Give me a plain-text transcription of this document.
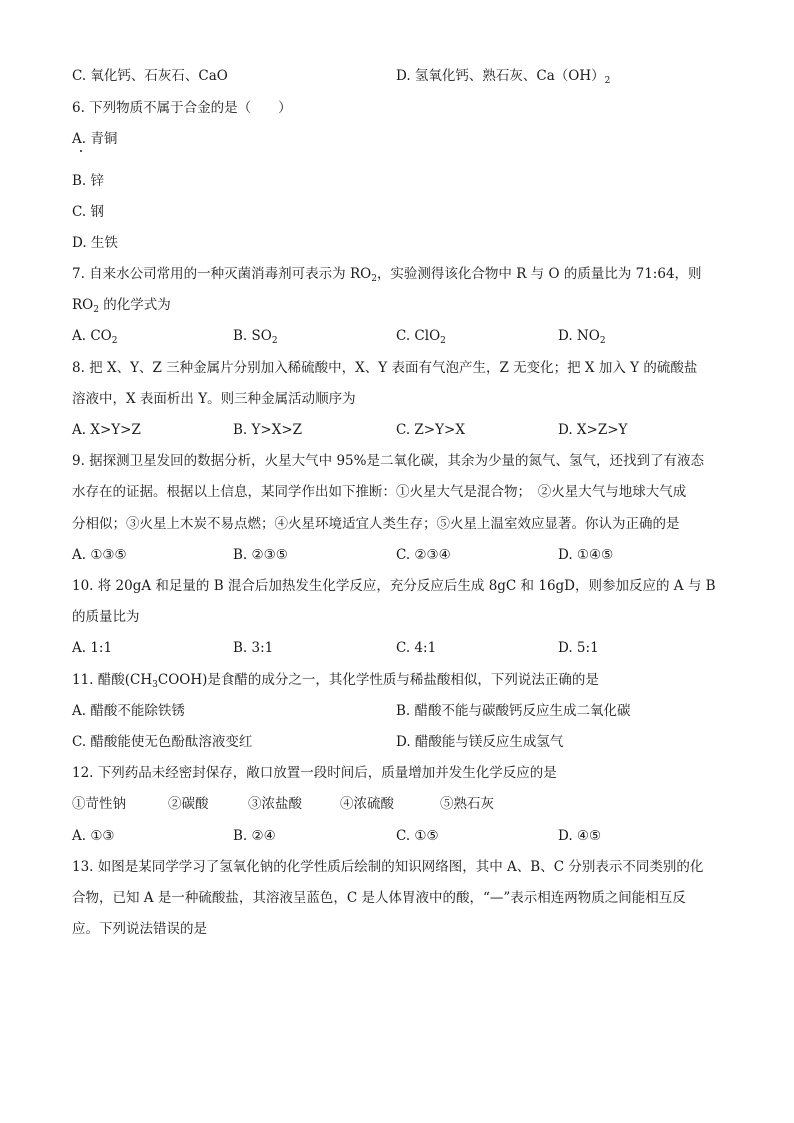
C. 氧化钙、石灰石、CaO	D. 氢氧化钙、熟石灰、$Ca(OH)_2$
6. 下列物质不属于合金的是（　　）
A. 青铜
B. 锌
C. 钢
D. 生铁
7. 自来水公司常用的一种灭菌消毒剂可表示为 $RO_2$，实验测得该化合物中 R 与 O 的质量比为 71:64，则
$RO_2$ 的化学式为
A. $CO_2$	B. $SO_2$	C. ClO$_2$	D. $NO_2$
8. 把 X、Y、Z 三种金属片分别加入稀硫酸中，X、Y 表面有气泡产生，Z 无变化；把 X 加入 Y 的硫酸盐
溶液中，X 表面析出 Y。则三种金属活动顺序为
A. X>Y>Z	B. Y>X>Z	C. Z>Y>X	D. X>Z>Y
9. 据探测卫星发回的数据分析，火星大气中 95%是二氧化碳，其余为少量的氮气、氢气，还找到了有液态
水存在的证据。根据以上信息，某同学作出如下推断：①火星大气是混合物；　②火星大气与地球大气成
分相似；③火星上木炭不易点燃；④火星环境适宜人类生存；⑤火星上温室效应显著。你认为正确的是
A. ①③⑤	B. ②③⑤	C. ②③④	D. ①④⑤
10. 将 20gA 和足量的 B 混合后加热发生化学反应，充分反应后生成 8gC 和 16gD，则参加反应的 A 与 B
的质量比为
A. 1:1	B. 3:1	C. 4:1	D. 5:1
11. 醋酸$(CH_3COOH)$是食醋的成分之一，其化学性质与稀盐酸相似，下列说法正确的是
A. 醋酸不能除铁锈	B. 醋酸不能与碳酸钙反应生成二氧化碳
C. 醋酸能使无色酚酞溶液变红	D. 醋酸能与镁反应生成氢气
12. 下列药品未经密封保存，敞口放置一段时间后，质量增加并发生化学反应的是
①苛性钠	②碳酸	③浓盐酸	④浓硫酸	⑤熟石灰
A. ①③	B. ②④	C. ①⑤	D. ④⑤
13. 如图是某同学学习了氢氧化钠的化学性质后绘制的知识网络图，其中 A、B、C 分别表示不同类别的化
合物，已知 A 是一种硫酸盐，其溶液呈蓝色，C 是人体胃液中的酸，“—”表示相连两物质之间能相互反
应。下列说法错误的是
